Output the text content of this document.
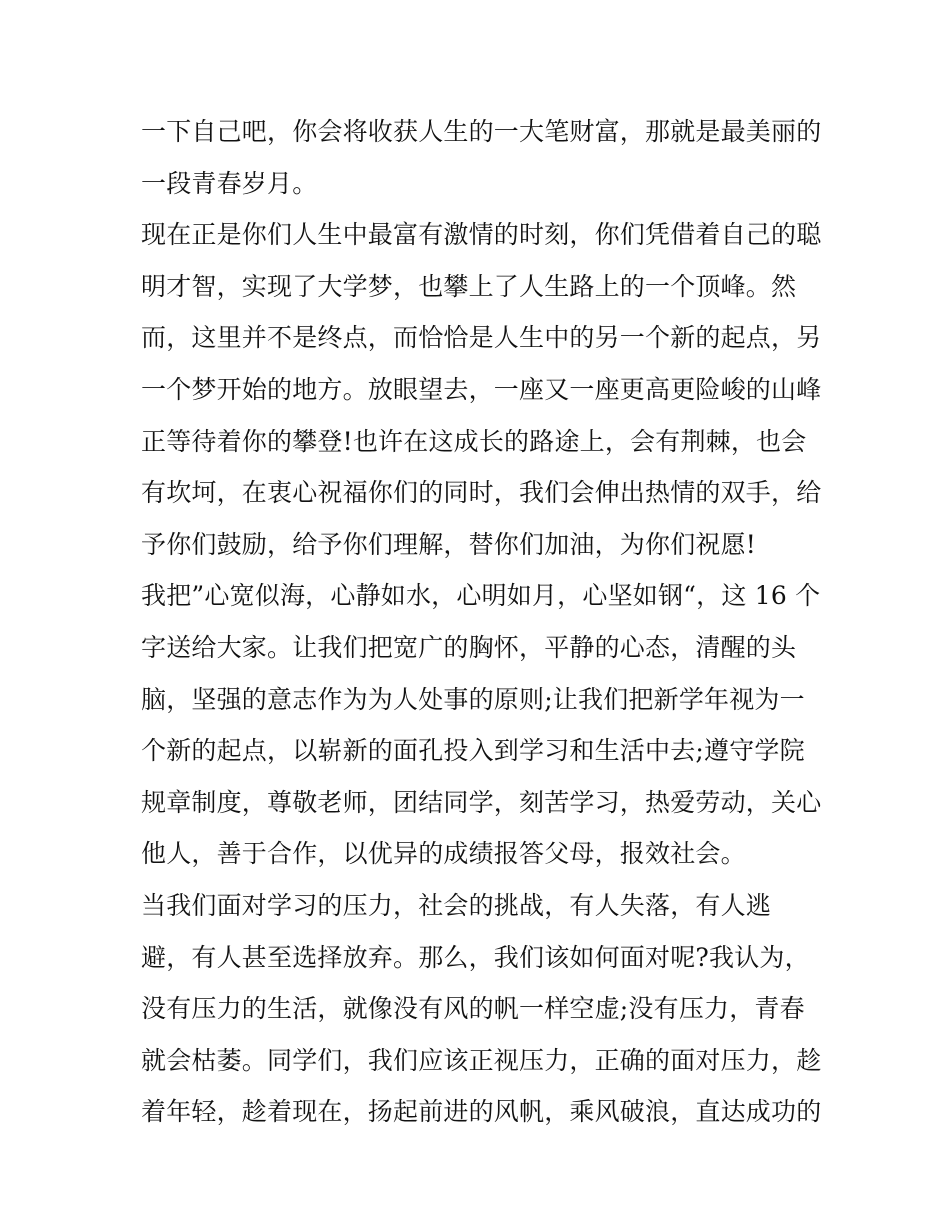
一下自己吧，你会将收获人生的一大笔财富，那就是最美丽的
一段青春岁月。
现在正是你们人生中最富有激情的时刻，你们凭借着自己的聪
明才智，实现了大学梦，也攀上了人生路上的一个顶峰。然
而，这里并不是终点，而恰恰是人生中的另一个新的起点，另
一个梦开始的地方。放眼望去，一座又一座更高更险峻的山峰
正等待着你的攀登!也许在这成长的路途上，会有荆棘，也会
有坎坷，在衷心祝福你们的同时，我们会伸出热情的双手，给
予你们鼓励，给予你们理解，替你们加油，为你们祝愿!
我把”心宽似海，心静如水，心明如月，心坚如钢“，这 16 个
字送给大家。让我们把宽广的胸怀，平静的心态，清醒的头
脑，坚强的意志作为为人处事的原则;让我们把新学年视为一
个新的起点，以崭新的面孔投入到学习和生活中去;遵守学院
规章制度，尊敬老师，团结同学，刻苦学习，热爱劳动，关心
他人，善于合作，以优异的成绩报答父母，报效社会。
当我们面对学习的压力，社会的挑战，有人失落，有人逃
避，有人甚至选择放弃。那么，我们该如何面对呢?我认为，
没有压力的生活，就像没有风的帆一样空虚;没有压力，青春
就会枯萎。同学们，我们应该正视压力，正确的面对压力，趁
着年轻，趁着现在，扬起前进的风帆，乘风破浪，直达成功的
